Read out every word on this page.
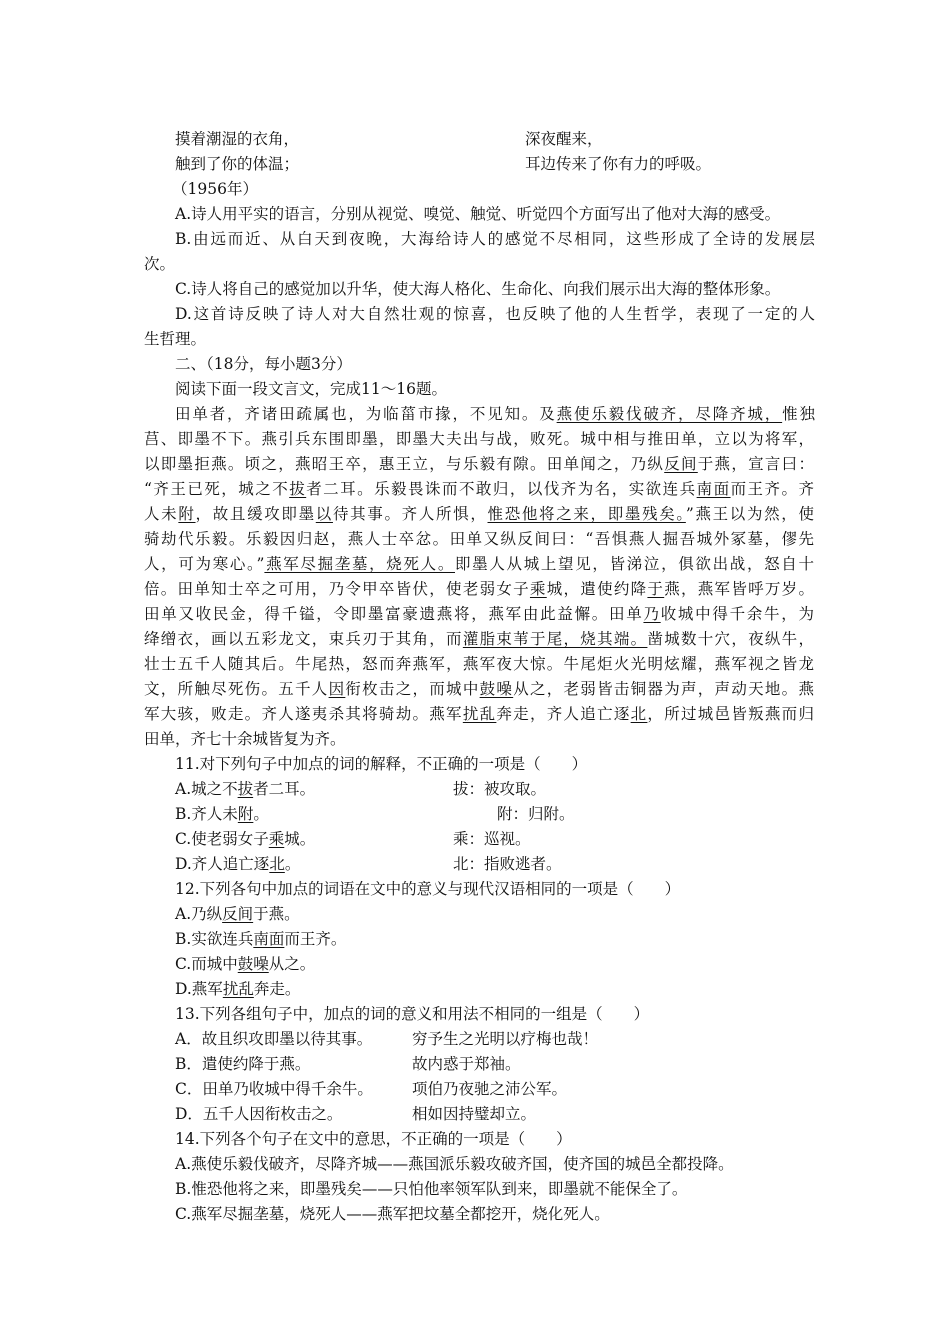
摸着潮湿的衣角，	深夜醒来，
触到了你的体温；	耳边传来了你有力的呼吸。
（1956年）
A.诗人用平实的语言，分别从视觉、嗅觉、触觉、听觉四个方面写出了他对大海的感受。
B.由远而近、从白天到夜晚，大海给诗人的感觉不尽相同，这些形成了全诗的发展层
次。
C.诗人将自己的感觉加以升华，使大海人格化、生命化、向我们展示出大海的整体形象。
D.这首诗反映了诗人对大自然壮观的惊喜，也反映了他的人生哲学，表现了一定的人
生哲理。
二、（18分，每小题3分）
阅读下面一段文言文，完成11～16题。
田单者，齐诸田疏属也，为临菑市掾，不见知。及燕使乐毅伐破齐，尽降齐城，惟独
莒、即墨不下。燕引兵东围即墨，即墨大夫出与战，败死。城中相与推田单，立以为将军，
以即墨拒燕。顷之，燕昭王卒，惠王立，与乐毅有隙。田单闻之，乃纵反间于燕，宣言曰：
“齐王已死，城之不拔者二耳。乐毅畏诛而不敢归，以伐齐为名，实欲连兵南面而王齐。齐
人未附，故且缓攻即墨以待其事。齐人所惧，惟恐他将之来，即墨残矣。”燕王以为然，使
骑劫代乐毅。乐毅因归赵，燕人士卒忿。田单又纵反间曰：“吾惧燕人掘吾城外冢墓，僇先
人，可为寒心。”燕军尽掘垄墓，烧死人。即墨人从城上望见，皆涕泣，俱欲出战，怒自十
倍。田单知士卒之可用，乃令甲卒皆伏，使老弱女子乘城，遣使约降于燕，燕军皆呼万岁。
田单又收民金，得千镒，令即墨富豪遗燕将，燕军由此益懈。田单乃收城中得千余牛，为
绛缯衣，画以五彩龙文，束兵刃于其角，而灌脂束苇于尾，烧其端。凿城数十穴，夜纵牛，
壮士五千人随其后。牛尾热，怒而奔燕军，燕军夜大惊。牛尾炬火光明炫耀，燕军视之皆龙
文，所触尽死伤。五千人因衔枚击之，而城中鼓噪从之，老弱皆击铜器为声，声动天地。燕
军大骇，败走。齐人遂夷杀其将骑劫。燕军扰乱奔走，齐人追亡逐北，所过城邑皆叛燕而归
田单，齐七十余城皆复为齐。
11.对下列句子中加点的词的解释，不正确的一项是（　　）
A.城之不拔者二耳。	拔：被攻取。
B.齐人未附。	附：归附。
C.使老弱女子乘城。	乘：巡视。
D.齐人追亡逐北。	北：指败逃者。
12.下列各句中加点的词语在文中的意义与现代汉语相同的一项是（　　）
A.乃纵反间于燕。
B.实欲连兵南面而王齐。
C.而城中鼓噪从之。
D.燕军扰乱奔走。
13.下列各组句子中，加点的词的意义和用法不相同的一组是（　　）
A．故且织攻即墨以待其事。	穷予生之光明以疗梅也哉！
B．遣使约降于燕。	故内惑于郑袖。
C．田单乃收城中得千余牛。	项伯乃夜驰之沛公军。
D．五千人因衔枚击之。	相如因持璧却立。
14.下列各个句子在文中的意思，不正确的一项是（　　）
A.燕使乐毅伐破齐，尽降齐城——燕国派乐毅攻破齐国，使齐国的城邑全都投降。
B.惟恐他将之来，即墨残矣——只怕他率领军队到来，即墨就不能保全了。
C.燕军尽掘垄墓，烧死人——燕军把坟墓全都挖开，烧化死人。
